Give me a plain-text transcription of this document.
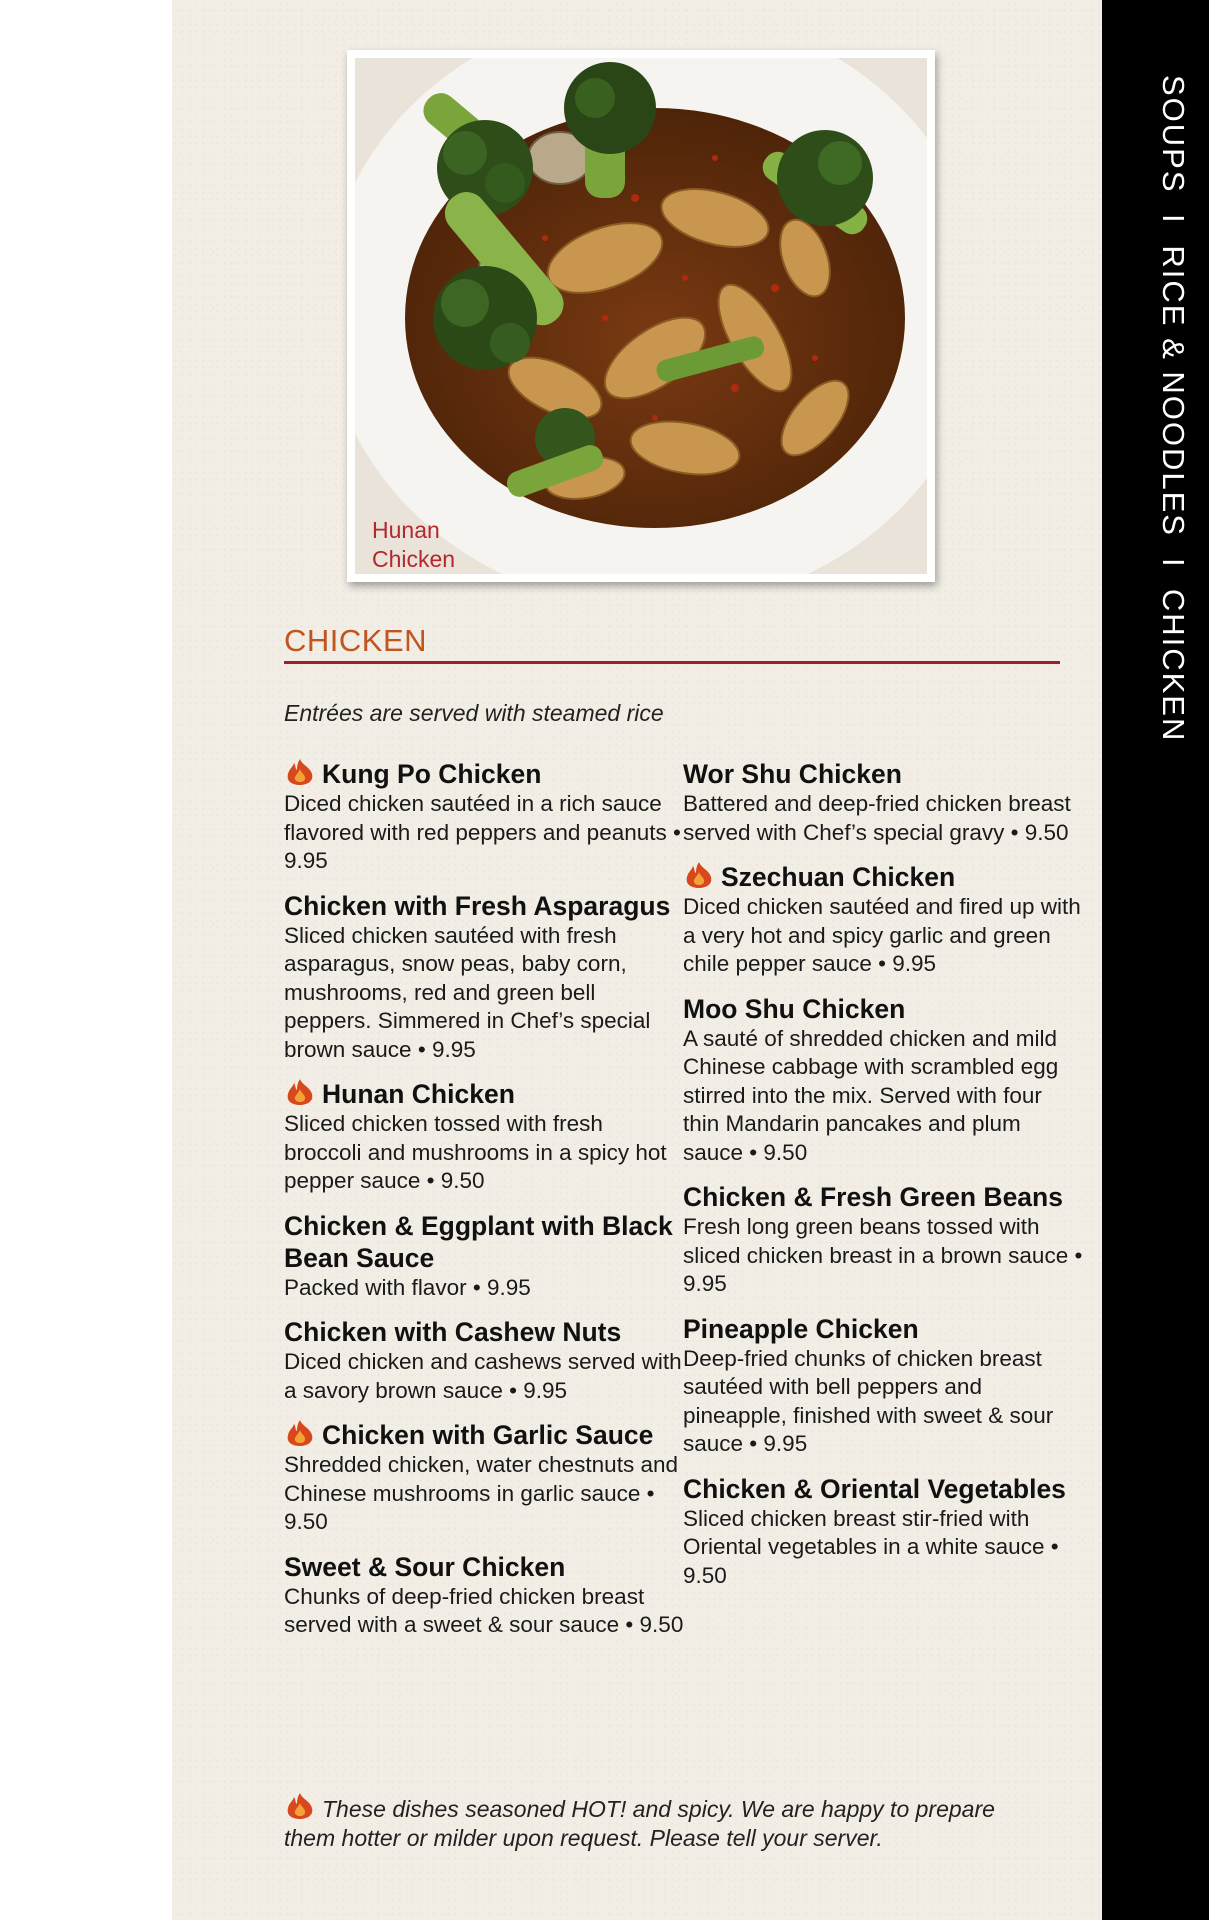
SOUPS I RICE & NOODLES I CHICKEN
Hunan
Chicken
CHICKEN
Entrées are served with steamed rice
Kung Po Chicken
Diced chicken sautéed in a rich sauce flavored with red peppers and peanuts • 9.95
Chicken with Fresh Asparagus
Sliced chicken sautéed with fresh asparagus, snow peas, baby corn, mushrooms, red and green bell peppers. Simmered in Chef’s special brown sauce • 9.95
Hunan Chicken
Sliced chicken tossed with fresh broccoli and mushrooms in a spicy hot pepper sauce • 9.50
Chicken & Eggplant with Black Bean Sauce
Packed with flavor • 9.95
Chicken with Cashew Nuts
Diced chicken and cashews served with a savory brown sauce • 9.95
Chicken with Garlic Sauce
Shredded chicken, water chestnuts and Chinese mushrooms in garlic sauce • 9.50
Sweet & Sour Chicken
Chunks of deep-fried chicken breast served with a sweet & sour sauce • 9.50
Wor Shu Chicken
Battered and deep-fried chicken breast served with Chef’s special gravy • 9.50
Szechuan Chicken
Diced chicken sautéed and fired up with a very hot and spicy garlic and green chile pepper sauce • 9.95
Moo Shu Chicken
A sauté of shredded chicken and mild Chinese cabbage with scrambled egg stirred into the mix. Served with four thin Mandarin pancakes and plum sauce • 9.50
Chicken & Fresh Green Beans
Fresh long green beans tossed with sliced chicken breast in a brown sauce • 9.95
Pineapple Chicken
Deep-fried chunks of chicken breast sautéed with bell peppers and pineapple, finished with sweet & sour sauce • 9.95
Chicken & Oriental Vegetables
Sliced chicken breast stir-fried with Oriental vegetables in a white sauce • 9.50
These dishes seasoned HOT! and spicy. We are happy to prepare them hotter or milder upon request. Please tell your server.
